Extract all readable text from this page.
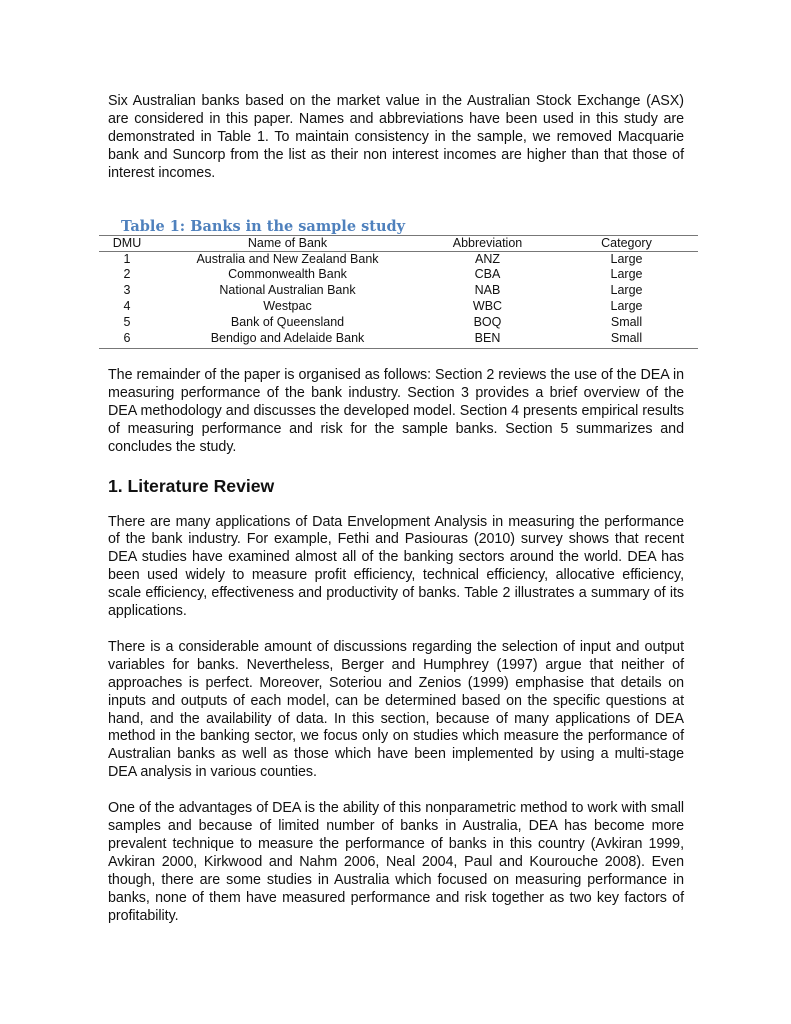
Six Australian banks based on the market value in the Australian Stock Exchange (ASX) are considered in this paper. Names and abbreviations have been used in this study are demonstrated in Table 1. To maintain consistency in the sample, we removed Macquarie bank and Suncorp from the list as their non interest incomes are higher than that those of interest incomes.

Table 1: Banks in the sample study
DMU	Name of Bank	Abbreviation	Category
1	Australia and New Zealand Bank	ANZ	Large
2	Commonwealth Bank	CBA	Large
3	National Australian Bank	NAB	Large
4	Westpac	WBC	Large
5	Bank of Queensland	BOQ	Small
6	Bendigo and Adelaide Bank	BEN	Small

The remainder of the paper is organised as follows: Section 2 reviews the use of the DEA in measuring performance of the bank industry. Section 3 provides a brief overview of the DEA methodology and discusses the developed model. Section 4 presents empirical results of measuring performance and risk for the sample banks. Section 5 summarizes and concludes the study.

1. Literature Review

There are many applications of Data Envelopment Analysis in measuring the performance of the bank industry. For example, Fethi and Pasiouras (2010) survey shows that recent DEA studies have examined almost all of the banking sectors around the world. DEA has been used widely to measure profit efficiency, technical efficiency, allocative efficiency, scale efficiency, effectiveness and productivity of banks. Table 2 illustrates a summary of its applications.

There is a considerable amount of discussions regarding the selection of input and output variables for banks. Nevertheless, Berger and Humphrey (1997) argue that neither of approaches is perfect. Moreover, Soteriou and Zenios (1999) emphasise that details on inputs and outputs of each model, can be determined based on the specific questions at hand, and the availability of data. In this section, because of many applications of DEA method in the banking sector, we focus only on studies which measure the performance of Australian banks as well as those which have been implemented by using a multi-stage DEA analysis in various counties.

One of the advantages of DEA is the ability of this nonparametric method to work with small samples and because of limited number of banks in Australia, DEA has become more prevalent technique to measure the performance of banks in this country (Avkiran 1999, Avkiran 2000, Kirkwood and Nahm 2006, Neal 2004, Paul and Kourouche 2008). Even though, there are some studies in Australia which focused on measuring performance in banks, none of them have measured performance and risk together as two key factors of profitability.
